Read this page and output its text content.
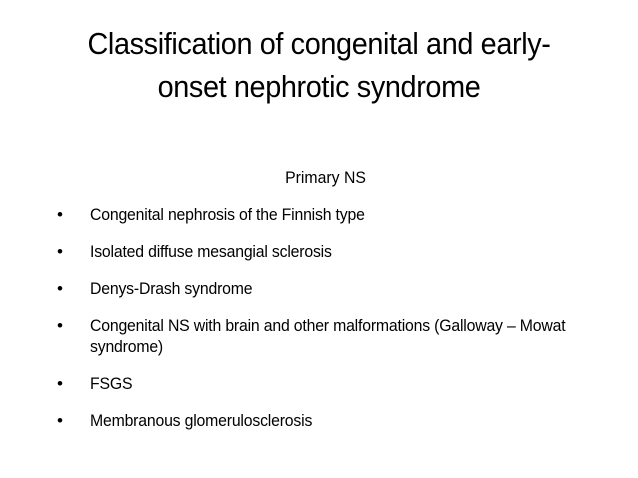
Classification of congenital and early-onset nephrotic syndrome
Primary NS
•	Congenital nephrosis of the Finnish type
•	Isolated diffuse mesangial sclerosis
•	Denys-Drash syndrome
•	Congenital NS with brain and other malformations (Galloway – Mowat syndrome)
•	FSGS
•	Membranous glomerulosclerosis
